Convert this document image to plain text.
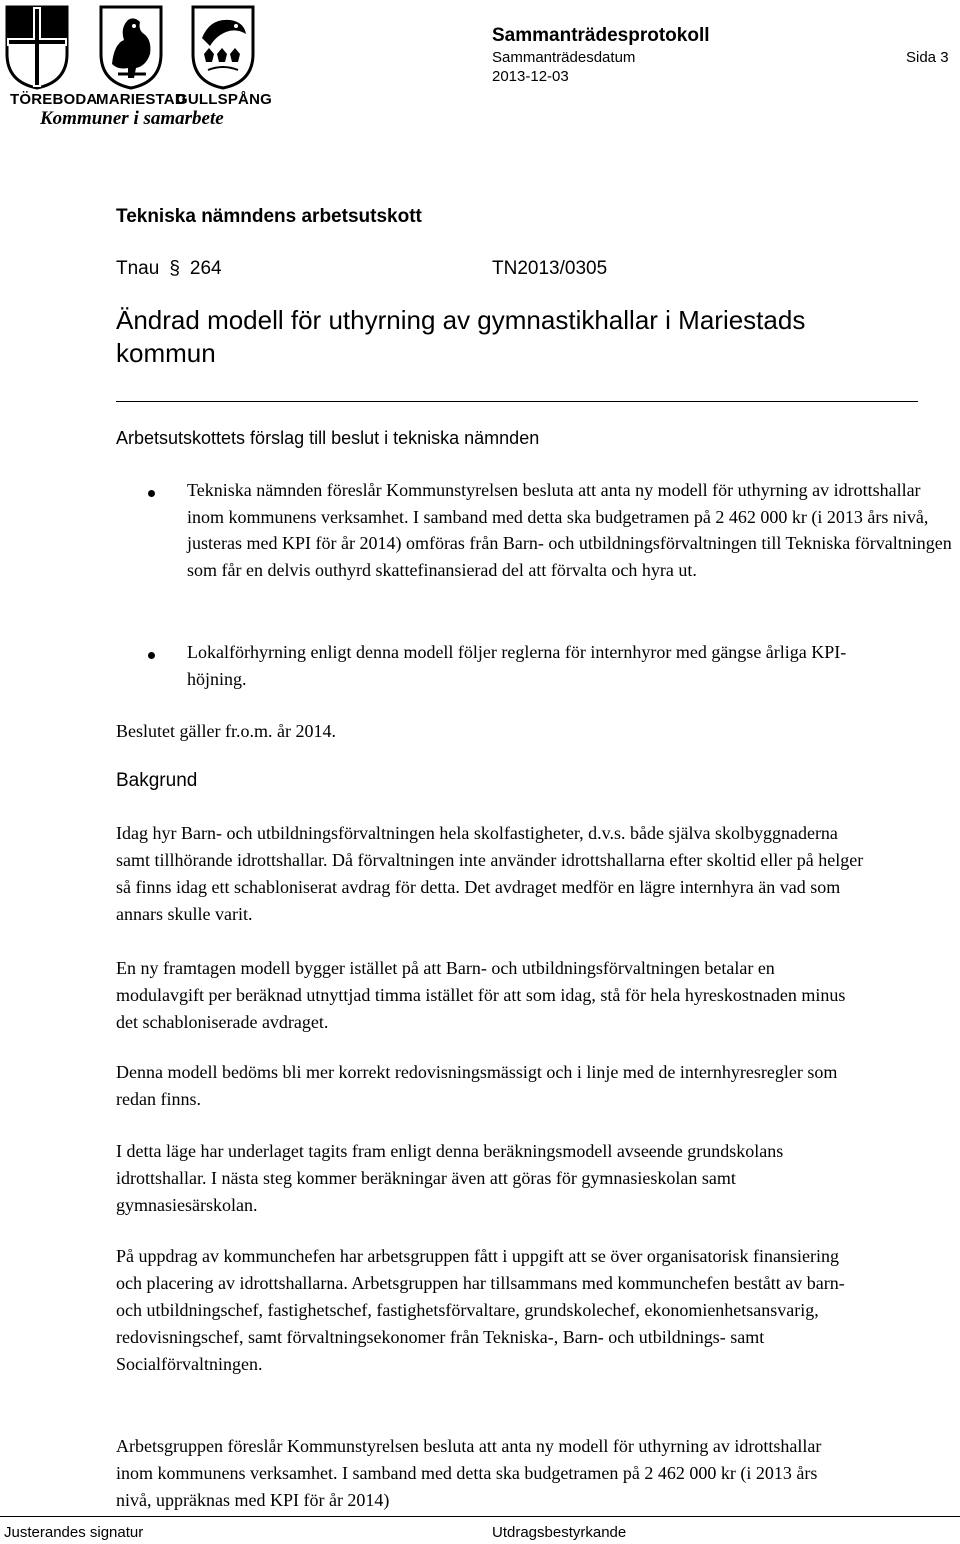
TÖREBODA
MARIESTAD
GULLSPÅNG
Kommuner i samarbete
Sammanträdesprotokoll
Sammanträdesdatum
2013-12-03
Sida 3
Tekniska nämndens arbetsutskott
Tnau § 264	TN2013/0305
Ändrad modell för uthyrning av gymnastikhallar i Mariestads kommun
Arbetsutskottets förslag till beslut i tekniska nämnden
Tekniska nämnden föreslår Kommunstyrelsen besluta att anta ny modell för uthyrning av idrottshallar inom kommunens verksamhet. I samband med detta ska budgetramen på 2 462 000 kr (i 2013 års nivå, justeras med KPI för år 2014) omföras från Barn- och utbildningsförvaltningen till Tekniska förvaltningen som får en delvis outhyrd skattefinansierad del att förvalta och hyra ut.
Lokalförhyrning enligt denna modell följer reglerna för internhyror med gängse årliga KPI-höjning.
Beslutet gäller fr.o.m. år 2014.
Bakgrund
Idag hyr Barn- och utbildningsförvaltningen hela skolfastigheter, d.v.s. både själva skolbyggnaderna samt tillhörande idrottshallar. Då förvaltningen inte använder idrottshallarna efter skoltid eller på helger så finns idag ett schabloniserat avdrag för detta. Det avdraget medför en lägre internhyra än vad som annars skulle varit.
En ny framtagen modell bygger istället på att Barn- och utbildningsförvaltningen betalar en modulavgift per beräknad utnyttjad timma istället för att som idag, stå för hela hyreskostnaden minus det schabloniserade avdraget.
Denna modell bedöms bli mer korrekt redovisningsmässigt och i linje med de internhyresregler som redan finns.
I detta läge har underlaget tagits fram enligt denna beräkningsmodell avseende grundskolans idrottshallar. I nästa steg kommer beräkningar även att göras för gymnasieskolan samt gymnasiesärskolan.
På uppdrag av kommunchefen har arbetsgruppen fått i uppgift att se över organisatorisk finansiering och placering av idrottshallarna. Arbetsgruppen har tillsammans med kommunchefen bestått av barn- och utbildningschef, fastighetschef, fastighetsförvaltare, grundskolechef, ekonomienhetsansvarig, redovisningschef, samt förvaltningsekonomer från Tekniska-, Barn- och utbildnings- samt Socialförvaltningen.
Arbetsgruppen föreslår Kommunstyrelsen besluta att anta ny modell för uthyrning av idrottshallar inom kommunens verksamhet. I samband med detta ska budgetramen på 2 462 000 kr (i 2013 års nivå, uppräknas med KPI för år 2014)
Justerandes signatur	Utdragsbestyrkande
